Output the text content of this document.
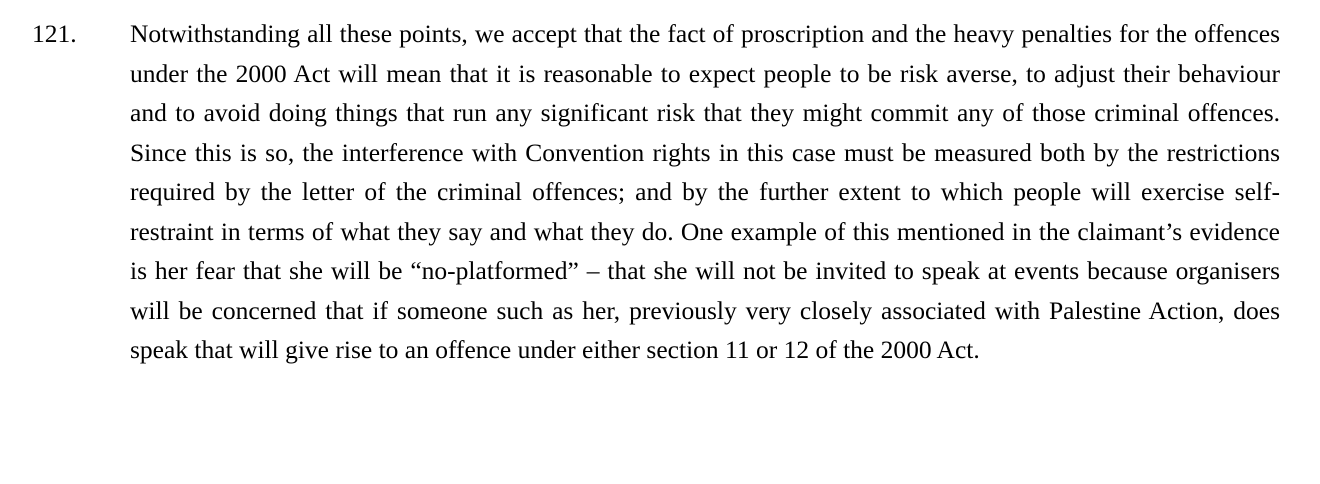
121.	Notwithstanding all these points, we accept that the fact of proscription and the heavy penalties for the offences under the 2000 Act will mean that it is reasonable to expect people to be risk averse, to adjust their behaviour and to avoid doing things that run any significant risk that they might commit any of those criminal offences. Since this is so, the interference with Convention rights in this case must be measured both by the restrictions required by the letter of the criminal offences; and by the further extent to which people will exercise self-restraint in terms of what they say and what they do. One example of this mentioned in the claimant’s evidence is her fear that she will be “no-platformed” – that she will not be invited to speak at events because organisers will be concerned that if someone such as her, previously very closely associated with Palestine Action, does speak that will give rise to an offence under either section 11 or 12 of the 2000 Act.
